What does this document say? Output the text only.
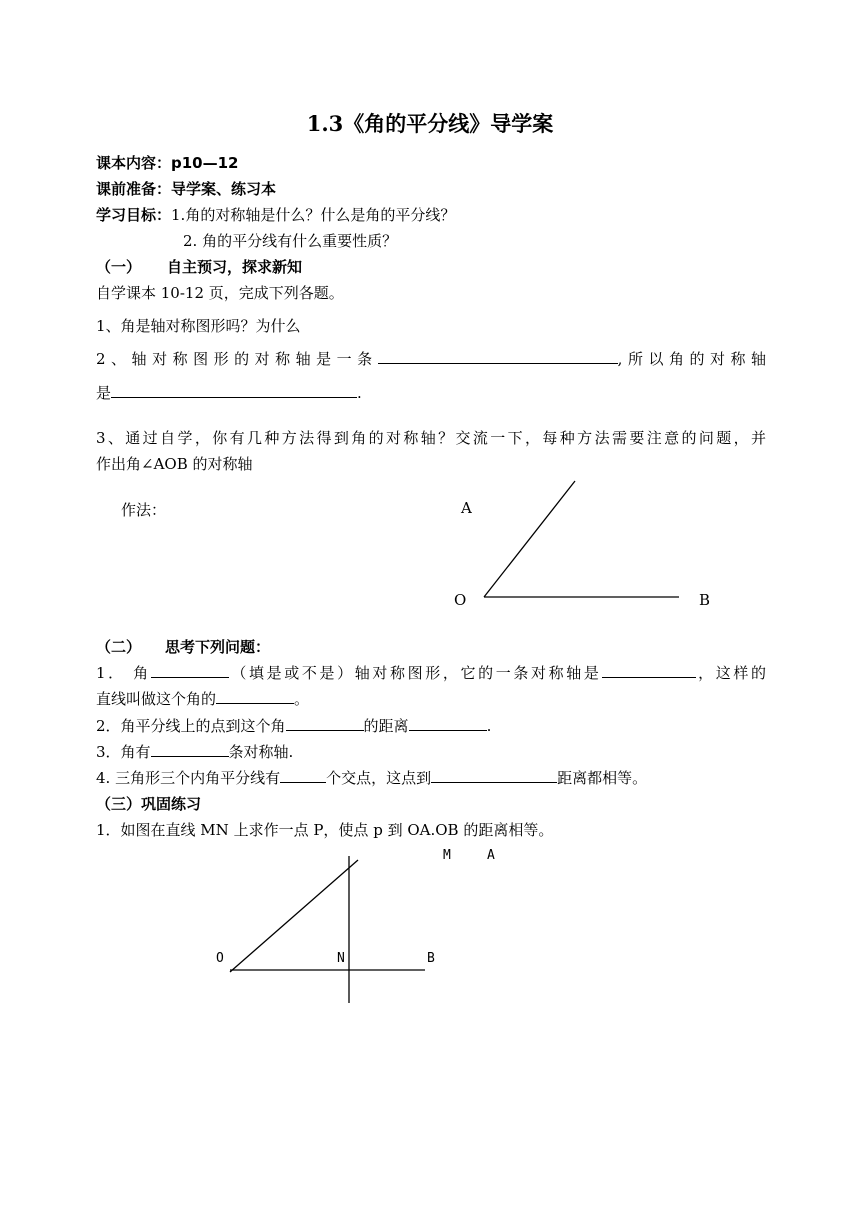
1.3《角的平分线》导学案
课本内容：p10—12
课前准备：导学案、练习本
学习目标：1.角的对称轴是什么？什么是角的平分线？
2. 角的平分线有什么重要性质？
（一） 自主预习，探求新知
自学课本 10-12 页，完成下列各题。
1、角是轴对称图形吗？为什么
2、轴对称图形的对称轴是一条	,所以角的对称轴
是	.
3、通过自学，你有几种方法得到角的对称轴？交流一下，每种方法需要注意的问题，并
作出角∠AOB 的对称轴
作法：
（二） 思考下列问题：
1． 角	（填是或不是）轴对称图形，它的一条对称轴是	，这样的
直线叫做这个角的	。
2．角平分线上的点到这个角	的距离	.
3．角有	条对称轴.
4. 三角形三个内角平分线有	个交点，这点到	距离都相等。
（三）巩固练习
1．如图在直线 MN 上求作一点 P，使点 p 到 OA.OB 的距离相等。
A
O	B
M	A
O	N	B
